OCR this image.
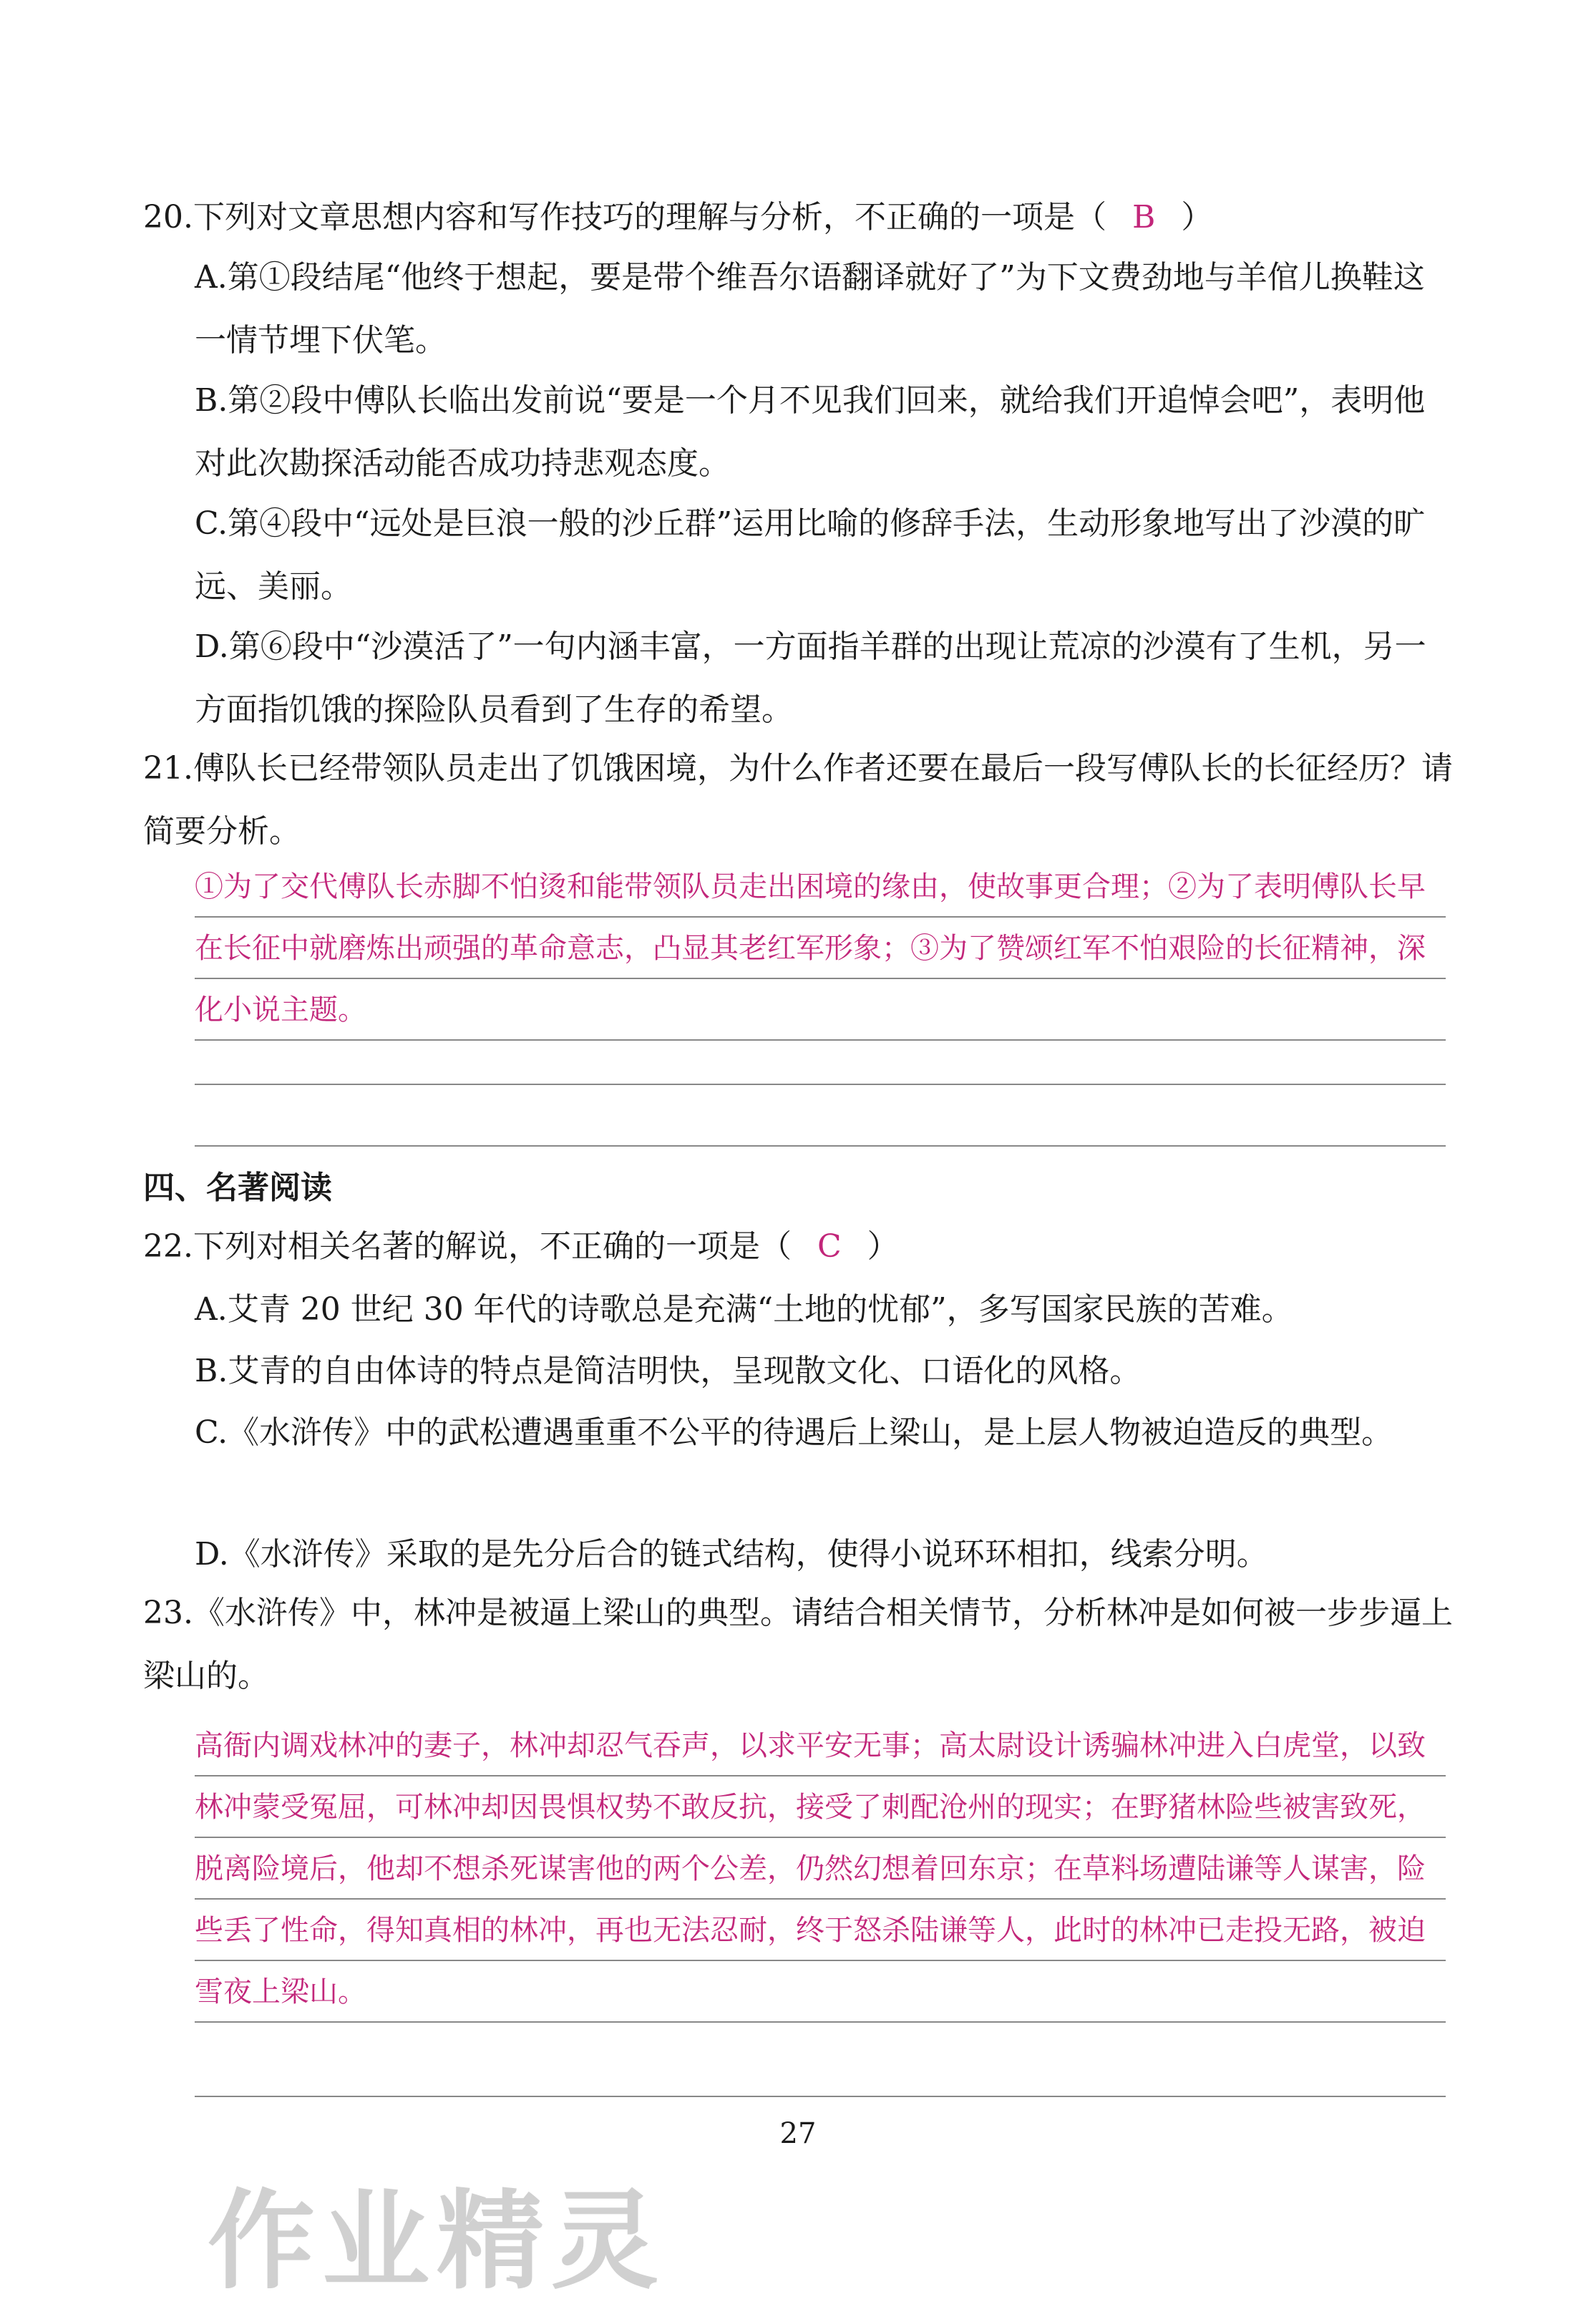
20.下列对文章思想内容和写作技巧的理解与分析，不正确的一项是（ B ）
A.第①段结尾“他终于想起，要是带个维吾尔语翻译就好了”为下文费劲地与羊倌儿换鞋这一情节埋下伏笔。
B.第②段中傅队长临出发前说“要是一个月不见我们回来，就给我们开追悼会吧”，表明他对此次勘探活动能否成功持悲观态度。
C.第④段中“远处是巨浪一般的沙丘群”运用比喻的修辞手法，生动形象地写出了沙漠的旷远、美丽。
D.第⑥段中“沙漠活了”一句内涵丰富，一方面指羊群的出现让荒凉的沙漠有了生机，另一方面指饥饿的探险队员看到了生存的希望。
21.傅队长已经带领队员走出了饥饿困境，为什么作者还要在最后一段写傅队长的长征经历？请简要分析。
①为了交代傅队长赤脚不怕烫和能带领队员走出困境的缘由，使故事更合理；②为了表明傅队长早在长征中就磨炼出顽强的革命意志，凸显其老红军形象；③为了赞颂红军不怕艰险的长征精神，深化小说主题。
四、名著阅读
22.下列对相关名著的解说，不正确的一项是（ C ）
A.艾青 20 世纪 30 年代的诗歌总是充满“土地的忧郁”，多写国家民族的苦难。
B.艾青的自由体诗的特点是简洁明快，呈现散文化、口语化的风格。
C.《水浒传》中的武松遭遇重重不公平的待遇后上梁山，是上层人物被迫造反的典型。
D.《水浒传》采取的是先分后合的链式结构，使得小说环环相扣，线索分明。
23.《水浒传》中，林冲是被逼上梁山的典型。请结合相关情节，分析林冲是如何被一步步逼上梁山的。
高衙内调戏林冲的妻子，林冲却忍气吞声，以求平安无事；高太尉设计诱骗林冲进入白虎堂，以致林冲蒙受冤屈，可林冲却因畏惧权势不敢反抗，接受了刺配沧州的现实；在野猪林险些被害致死，脱离险境后，他却不想杀死谋害他的两个公差，仍然幻想着回东京；在草料场遭陆谦等人谋害，险些丢了性命，得知真相的林冲，再也无法忍耐，终于怒杀陆谦等人，此时的林冲已走投无路，被迫雪夜上梁山。
27
作业精灵
